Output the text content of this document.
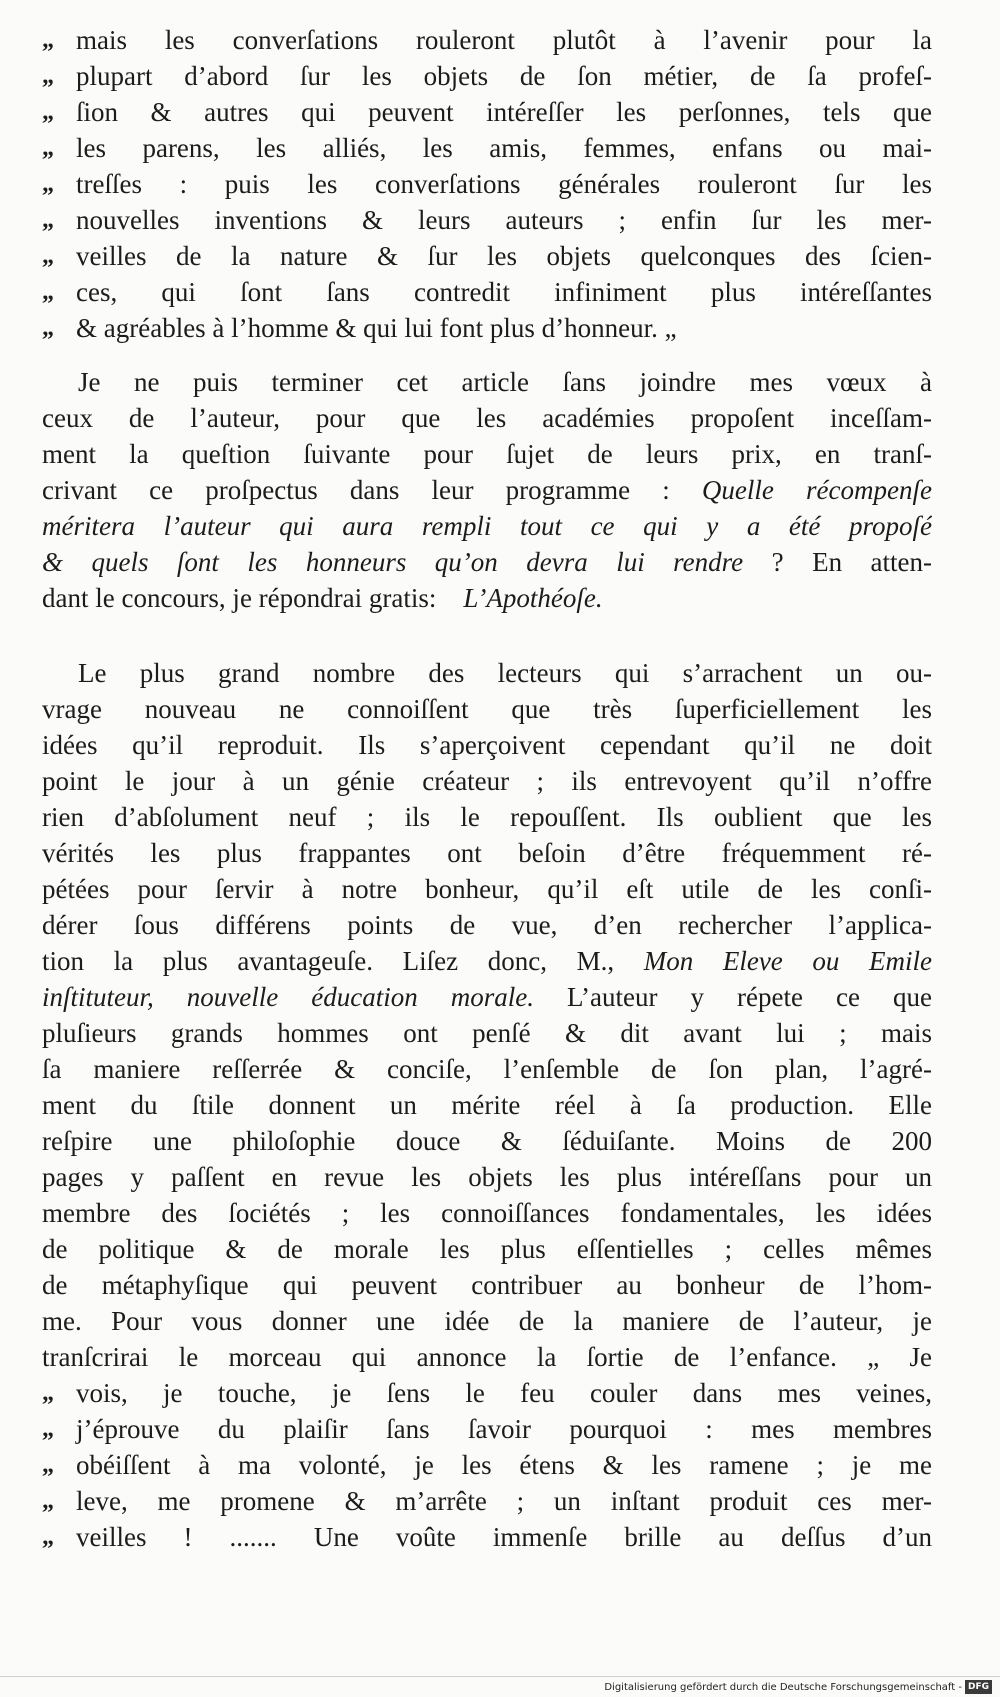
„ mais les converſations rouleront plutôt à l’avenir pour la
„ plupart d’abord ſur les objets de ſon métier, de ſa profeſ-
„ ſion & autres qui peuvent intéreſſer les perſonnes, tels que
„ les parens, les alliés, les amis, femmes, enfans ou mai-
„ treſſes : puis les converſations générales rouleront ſur les
„ nouvelles inventions & leurs auteurs ; enfin ſur les mer-
„ veilles de la nature & ſur les objets quelconques des ſcien-
„ ces, qui ſont ſans contredit infiniment plus intéreſſantes
„ & agréables à l’homme & qui lui font plus d’honneur. „
Je ne puis terminer cet article ſans joindre mes vœux à
ceux de l’auteur, pour que les académies propoſent inceſſam-
ment la queſtion ſuivante pour ſujet de leurs prix, en tranſ-
crivant ce proſpectus dans leur programme : Quelle récompenſe
méritera l’auteur qui aura rempli tout ce qui y a été propoſé
& quels ſont les honneurs qu’on devra lui rendre ? En atten-
dant le concours, je répondrai gratis: L’Apothéoſe.
Le plus grand nombre des lecteurs qui s’arrachent un ou-
vrage nouveau ne connoiſſent que très ſuperficiellement les
idées qu’il reproduit. Ils s’aperçoivent cependant qu’il ne doit
point le jour à un génie créateur ; ils entrevoyent qu’il n’offre
rien d’abſolument neuf ; ils le repouſſent. Ils oublient que les
vérités les plus frappantes ont beſoin d’être fréquemment ré-
pétées pour ſervir à notre bonheur, qu’il eſt utile de les conſi-
dérer ſous différens points de vue, d’en rechercher l’applica-
tion la plus avantageuſe. Liſez donc, M., Mon Eleve ou Emile
inſtituteur, nouvelle éducation morale. L’auteur y répete ce que
pluſieurs grands hommes ont penſé & dit avant lui ; mais
ſa maniere reſſerrée & conciſe, l’enſemble de ſon plan, l’agré-
ment du ſtile donnent un mérite réel à ſa production. Elle
reſpire une philoſophie douce & ſéduiſante. Moins de 200
pages y paſſent en revue les objets les plus intéreſſans pour un
membre des ſociétés ; les connoiſſances fondamentales, les idées
de politique & de morale les plus eſſentielles ; celles mêmes
de métaphyſique qui peuvent contribuer au bonheur de l’hom-
me. Pour vous donner une idée de la maniere de l’auteur, je
tranſcrirai le morceau qui annonce la ſortie de l’enfance. „ Je
„ vois, je touche, je ſens le feu couler dans mes veines,
„ j’éprouve du plaiſir ſans ſavoir pourquoi : mes membres
„ obéiſſent à ma volonté, je les étens & les ramene ; je me
„ leve, me promene & m’arrête ; un inſtant produit ces mer-
„ veilles ! ....... Une voûte immenſe brille au deſſus d’un
Digitalisierung gefördert durch die Deutsche Forschungsgemeinschaft - DFG
